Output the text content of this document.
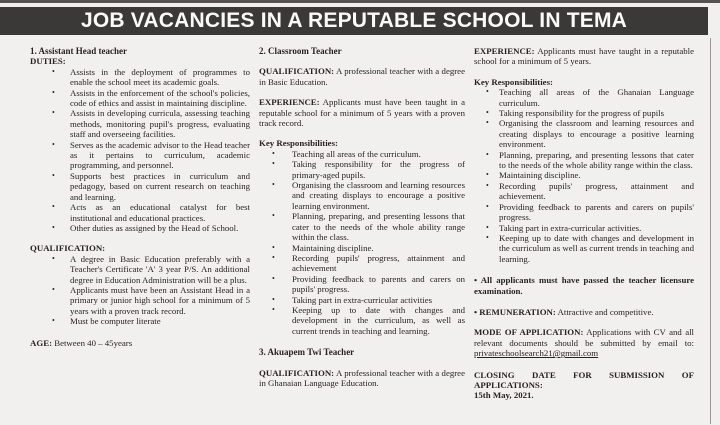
JOB VACANCIES IN A REPUTABLE SCHOOL IN TEMA

1. Assistant Head teacher

DUTIES:

• Assists in the deployment of programmes to enable the school meet its academic goals.
• Assists in the enforcement of the school's policies, code of ethics and assist in maintaining discipline.
• Assists in developing curricula, assessing teaching methods, monitoring pupil's progress, evaluating staff and overseeing facilities.
• Serves as the academic advisor to the Head teacher as it pertains to curriculum, academic programming, and personnel.
• Supports best practices in curriculum and pedagogy, based on current research on teaching and learning.
• Acts as an educational catalyst for best institutional and educational practices.
• Other duties as assigned by the Head of School.

QUALIFICATION:

• A degree in Basic Education preferably with a Teacher's Certificate 'A' 3 year P/S. An additional degree in Education Administration will be a plus.
• Applicants must have been an Assistant Head in a primary or junior high school for a minimum of 5 years with a proven track record.
• Must be computer literate

AGE: Between 40 – 45years

2. Classroom Teacher

QUALIFICATION: A professional teacher with a degree in Basic Education.

EXPERIENCE: Applicants must have been taught in a reputable school for a minimum of 5 years with a proven track record.

Key Responsibilities:

• Teaching all areas of the curriculum.
• Taking responsibility for the progress of primary-aged pupils.
• Organising the classroom and learning resources and creating displays to encourage a positive learning environment.
• Planning, preparing, and presenting lessons that cater to the needs of the whole ability range within the class.
• Maintaining discipline.
• Recording pupils' progress, attainment and achievement
• Providing feedback to parents and carers on pupils' progress.
• Taking part in extra-curricular activities
• Keeping up to date with changes and development in the curriculum, as well as current trends in teaching and learning.

3. Akuapem Twi Teacher

QUALIFICATION: A professional teacher with a degree in Ghanaian Language Education.

EXPERIENCE: Applicants must have taught in a reputable school for a minimum of 5 years.

Key Responsibilities:

• Teaching all areas of the Ghanaian Language curriculum.
• Taking responsibility for the progress of pupils
• Organising the classroom and learning resources and creating displays to encourage a positive learning environment.
• Planning, preparing, and presenting lessons that cater to the needs of the whole ability range within the class.
• Maintaining discipline.
• Recording pupils' progress, attainment and achievement.
• Providing feedback to parents and carers on pupils' progress.
• Taking part in extra-curricular activities.
• Keeping up to date with changes and development in the curriculum as well as current trends in teaching and learning.

• All applicants must have passed the teacher licensure examination.

• REMUNERATION: Attractive and competitive.

MODE OF APPLICATION: Applications with CV and all relevant documents should be submitted by email to: privateschoolsearch21@gmail.com

CLOSING DATE FOR SUBMISSION OF APPLICATIONS:

15th May, 2021.
